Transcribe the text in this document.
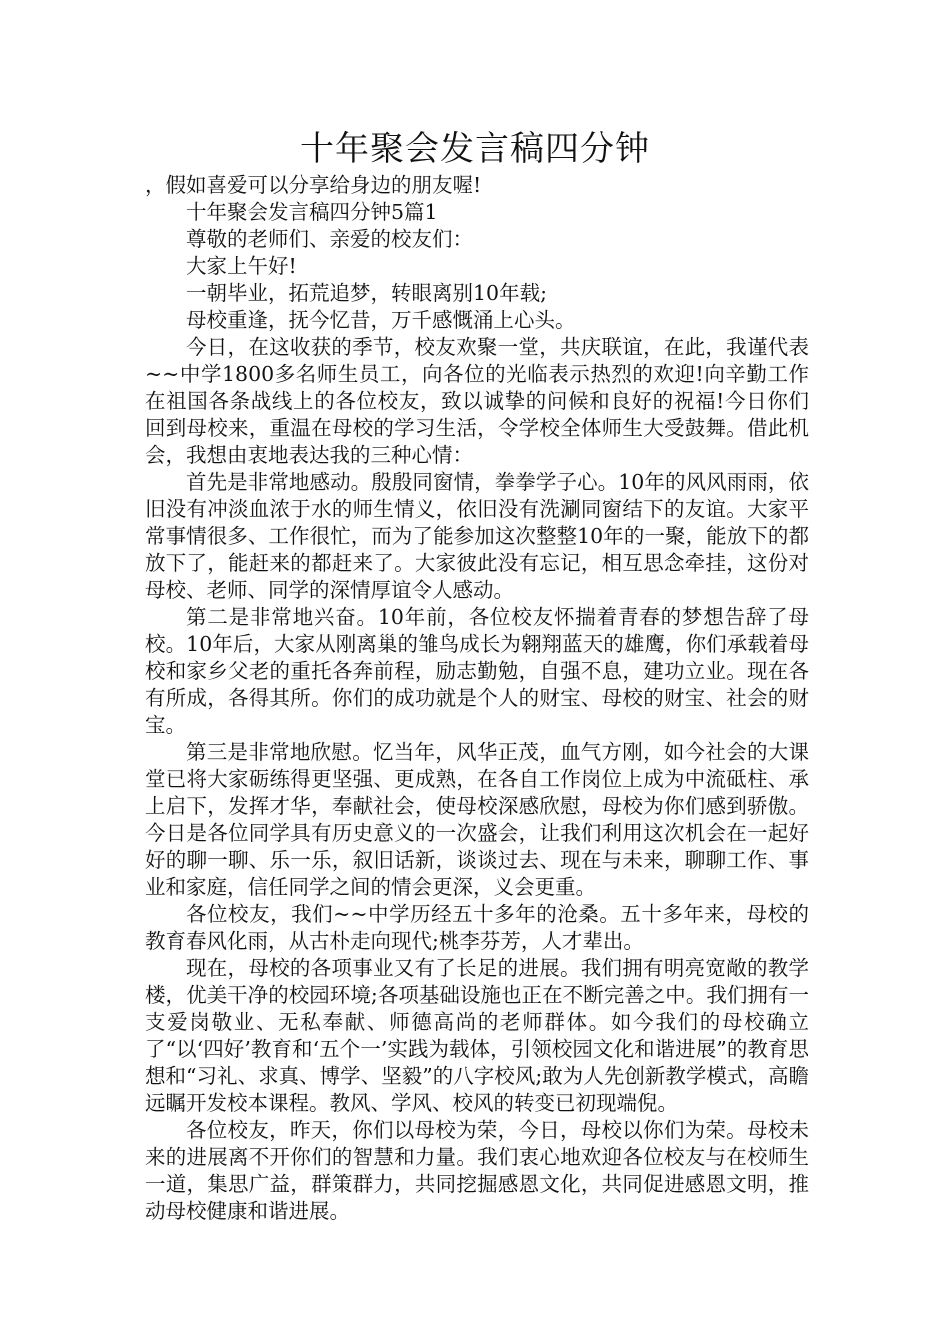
十年聚会发言稿四分钟

，假如喜爱可以分享给身边的朋友喔!

十年聚会发言稿四分钟5篇1

尊敬的老师们、亲爱的校友们：

大家上午好!

一朝毕业，拓荒追梦，转眼离别10年载;

母校重逢，抚今忆昔，万千感慨涌上心头。

今日，在这收获的季节，校友欢聚一堂，共庆联谊，在此，我谨代表~~中学1800多名师生员工，向各位的光临表示热烈的欢迎!向辛勤工作在祖国各条战线上的各位校友，致以诚挚的问候和良好的祝福!今日你们回到母校来，重温在母校的学习生活，令学校全体师生大受鼓舞。借此机会，我想由衷地表达我的三种心情：

首先是非常地感动。殷殷同窗情，拳拳学子心。10年的风风雨雨，依旧没有冲淡血浓于水的师生情义，依旧没有洗涮同窗结下的友谊。大家平常事情很多、工作很忙，而为了能参加这次整整10年的一聚，能放下的都放下了，能赶来的都赶来了。大家彼此没有忘记，相互思念牵挂，这份对母校、老师、同学的深情厚谊令人感动。

第二是非常地兴奋。10年前，各位校友怀揣着青春的梦想告辞了母校。10年后，大家从刚离巢的雏鸟成长为翱翔蓝天的雄鹰，你们承载着母校和家乡父老的重托各奔前程，励志勤勉，自强不息，建功立业。现在各有所成，各得其所。你们的成功就是个人的财宝、母校的财宝、社会的财宝。

第三是非常地欣慰。忆当年，风华正茂，血气方刚，如今社会的大课堂已将大家砺练得更坚强、更成熟，在各自工作岗位上成为中流砥柱、承上启下，发挥才华，奉献社会，使母校深感欣慰，母校为你们感到骄傲。今日是各位同学具有历史意义的一次盛会，让我们利用这次机会在一起好好的聊一聊、乐一乐，叙旧话新，谈谈过去、现在与未来，聊聊工作、事业和家庭，信任同学之间的情会更深，义会更重。

各位校友，我们~~中学历经五十多年的沧桑。五十多年来，母校的教育春风化雨，从古朴走向现代;桃李芬芳，人才辈出。

现在，母校的各项事业又有了长足的进展。我们拥有明亮宽敞的教学楼，优美干净的校园环境;各项基础设施也正在不断完善之中。我们拥有一支爱岗敬业、无私奉献、师德高尚的老师群体。如今我们的母校确立了“以‘四好’教育和‘五个一’实践为载体，引领校园文化和谐进展”的教育思想和“习礼、求真、博学、坚毅”的八字校风;敢为人先创新教学模式，高瞻远瞩开发校本课程。教风、学风、校风的转变已初现端倪。

各位校友，昨天，你们以母校为荣，今日，母校以你们为荣。母校未来的进展离不开你们的智慧和力量。我们衷心地欢迎各位校友与在校师生一道，集思广益，群策群力，共同挖掘感恩文化，共同促进感恩文明，推动母校健康和谐进展。
